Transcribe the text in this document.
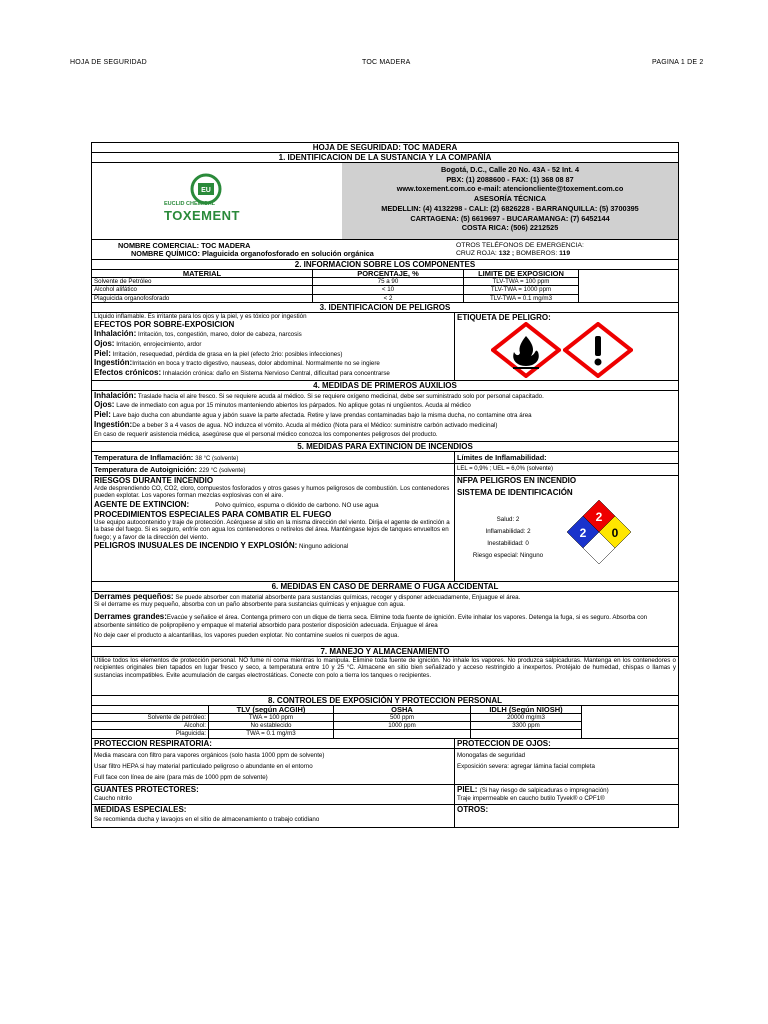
HOJA DE SEGURIDAD	TOC MADERA	PAGINA 1 DE 2
HOJA DE SEGURIDAD: TOC MADERA
1. IDENTIFICACION DE LA SUSTANCIA Y LA COMPAÑÍA
EU
EUCLID CHEMICAL
TOXEMENT
Bogotá, D.C., Calle 20 No. 43A - 52 Int. 4
PBX: (1) 2088600 - FAX: (1) 368 08 87
www.toxement.com.co e-mail: atencioncliente@toxement.com.co
ASESORÍA TÉCNICA
MEDELLIN: (4) 4132298 - CALI: (2) 6826228 - BARRANQUILLA: (5) 3700395
CARTAGENA: (5) 6619697 - BUCARAMANGA: (7) 6452144
COSTA RICA: (506) 2212525
NOMBRE COMERCIAL: TOC MADERA
NOMBRE QUÍMICO: Plaguicida organofosforado en solución orgánica
OTROS TELÉFONOS DE EMERGENCIA:
CRUZ ROJA: 132 ; BOMBEROS: 119
2. INFORMACION SOBRE LOS COMPONENTES
MATERIAL	PORCENTAJE, %	LIMITE DE EXPOSICION	
Solvente de Petróleo	75 a 90	TLV-TWA = 100 ppm	
Alcohol alifático	< 10	TLV-TWA = 1000 ppm	
Plaguicida organofosforado	< 2	TLV-TWA = 0.1 mg/m3	
3. IDENTIFICACION DE PELIGROS
Líquido inflamable. Es irritante para los ojos y la piel, y es tóxico por ingestión
EFECTOS POR SOBRE-EXPOSICION
Inhalación: Irritación, tos, congestión, mareo, dolor de cabeza, narcosis
Ojos: Irritación, enrojecimiento, ardor
Piel: Irritación, resequedad, pérdida de grasa en la piel (efecto 2rio: posibles infecciones)
Ingestión:Irritación en boca y tracto digestivo, nauseas, dolor abdominal. Normalmente no se ingiere
Efectos crónicos: Inhalación crónica: daño en Sistema Nervioso Central, dificultad para concentrarse
ETIQUETA DE PELIGRO:
4. MEDIDAS DE PRIMEROS AUXILIOS
Inhalación: Traslade hacia el aire fresco. Si se requiere acuda al médico. Si se requiere oxígeno medicinal, debe ser suministrado solo por personal capacitado.
Ojos: Lave de inmediato con agua por 15 minutos manteniendo abiertos los párpados. No aplique gotas ni ungüentos. Acuda al médico
Piel: Lave bajo ducha con abundante agua y jabón suave la parte afectada. Retire y lave prendas contaminadas bajo la misma ducha, no contamine otra área
Ingestión:De a beber 3 a 4 vasos de agua. NO induzca el vómito. Acuda al médico (Nota para el Médico: suministre carbón activado medicinal)
En caso de requerir asistencia médica, asegúrese que el personal médico conozca los componentes peligrosos del producto.
5. MEDIDAS PARA EXTINCION DE INCENDIOS
Temperatura de Inflamación: 38 °C (solvente)
Temperatura de Autoignición: 229 °C (solvente)
RIESGOS DURANTE INCENDIO
Arde desprendiendo CO, CO2, cloro, compuestos fosforados y otros gases y humos peligrosos de combustión. Los contenedores pueden explotar. Los vapores forman mezclas explosivas con el aire.
AGENTE DE EXTINCION:	Polvo químico, espuma o dióxido de carbono. NO use agua
PROCEDIMIENTOS ESPECIALES PARA COMBATIR EL FUEGO
Use equipo autocontenido y traje de protección. Acérquese al sitio en la misma dirección del viento. Dirija el agente de extinción a la base del fuego. Si es seguro, enfríe con agua los contenedores o retírelos del área. Manténgase lejos de tanques envueltos en fuego; y a favor de la dirección del viento.
PELIGROS INUSUALES DE INCENDIO Y EXPLOSIÓN: Ninguno adicional
Límites de Inflamabilidad:
LEL = 0,9% ; UEL = 6,0% (solvente)
NFPA PELIGROS EN INCENDIO
SISTEMA DE IDENTIFICACIÓN
Salud: 2
Inflamabilidad: 2
Inestabilidad: 0
Riesgo especial: Ninguno
2
2 0
6. MEDIDAS EN CASO DE DERRAME O FUGA ACCIDENTAL
Derrames pequeños: Se puede absorber con material absorbente para sustancias químicas, recoger y disponer adecuadamente, Enjuague el área.
Si el derrame es muy pequeño, absorba con un paño absorbente para sustancias químicas y enjuague con agua.
Derrames grandes:Evacúe y señalice el área. Contenga primero con un dique de tierra seca. Elimine toda fuente de ignición. Evite inhalar los vapores. Detenga la fuga, si es seguro. Absorba con absorbente sintético de polipropileno y empaque el material absorbido para posterior disposición adecuada. Enjuague el área
No deje caer el producto a alcantarillas, los vapores pueden explotar. No contamine suelos ni cuerpos de agua.
7. MANEJO Y ALMACENAMIENTO
Utilice todos los elementos de protección personal. NO fume ni coma mientras lo manipula. Elimine toda fuente de ignición. No inhale los vapores. No produzca salpicaduras. Mantenga en los contenedores o recipientes originales bien tapados en lugar fresco y seco, a temperatura entre 10 y 25 °C. Almacene en sitio bien señalizado y acceso restringido a inexpertos. Protéjalo de humedad, chispas o llamas y sustancias incompatibles. Evite acumulación de cargas electrostáticas. Conecte con polo a tierra los tanques o recipientes.
8. CONTROLES DE EXPOSICIÓN Y PROTECCION PERSONAL
	TLV (según ACGIH)	OSHA	IDLH (Según NIOSH)	
Solvente de petróleo:	TWA = 100 ppm	500 ppm	20000 mg/m3	
Alcohol:	No establecido	1000 ppm	3300 ppm	
Plaguicida:	TWA = 0.1 mg/m3			
PROTECCION RESPIRATORIA:
Media mascara con filtro para vapores orgánicos (solo hasta 1000 ppm de solvente)
Usar filtro HEPA si hay material particulado peligroso o abundante en el entorno
Full face con línea de aire (para más de 1000 ppm de solvente)
PROTECCION DE OJOS:
Monogafas de seguridad
Exposición severa: agregar lámina facial completa
GUANTES PROTECTORES:
Caucho nitrilo
PIEL: (Si hay riesgo de salpicaduras o impregnación)
Traje impermeable en caucho butilo Tyvek® o CPF1®
MEDIDAS ESPECIALES:
Se recomienda ducha y lavaojos en el sitio de almacenamiento o trabajo cotidiano
OTROS:
